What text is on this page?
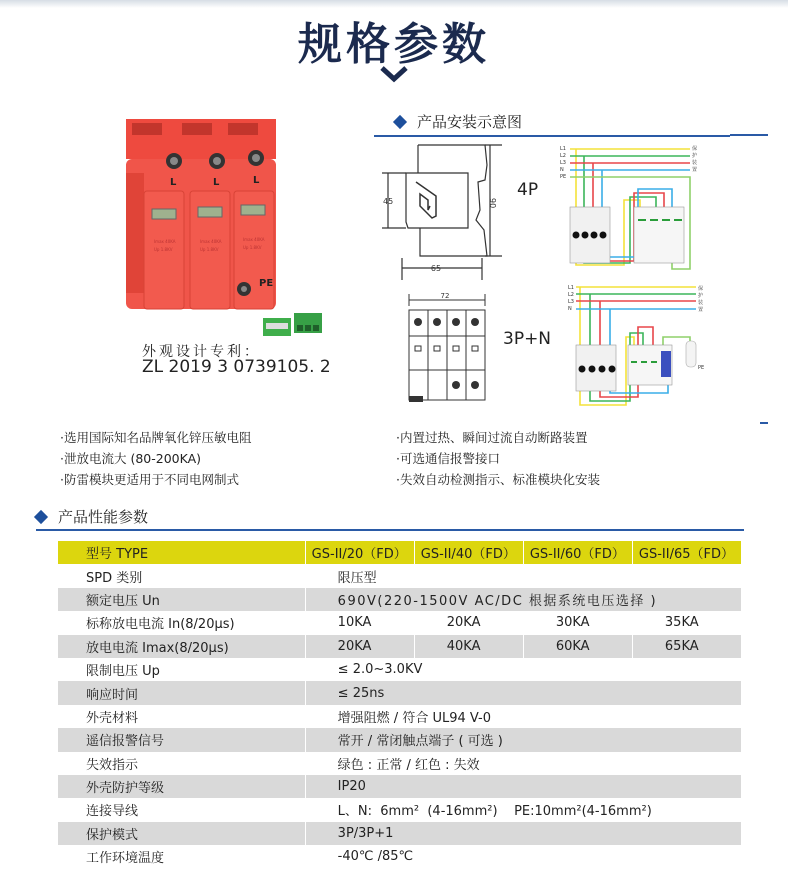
规格参数
产品安装示意图
L	L	L
Imax 40KA
Up 1.8KV
Imax 40KA
Up 1.8KV
Imax 40KA
Up 1.8KV
PE
外观设计专利：
ZL 2019 3 0739105. 2
45	90
65
4P
L1
L2
L3
N
PE
保
护
装
置
72
3P+N
L1
L2
L3
N
保
护
装
置
PE
·选用国际知名品牌氧化锌压敏电阻
·泄放电流大 (80-200KA)
·防雷模块更适用于不同电网制式
·内置过热、瞬间过流自动断路装置
·可选通信报警接口
·失效自动检测指示、标准模块化安装
产品性能参数
型号 TYPE	GS-II/20（FD）	GS-II/40（FD）	GS-II/60（FD）	GS-II/65（FD）
SPD 类别	限压型			
额定电压 Un	690V(220-1500V AC/DC 根据系统电压选择 )			
标称放电电流 In(8/20μs)	10KA	20KA	30KA	35KA
放电电流 Imax(8/20μs)	20KA	40KA	60KA	65KA
限制电压 Up	≤ 2.0~3.0KV			
响应时间	≤ 25ns			
外壳材料	增强阻燃 / 符合 UL94 V-0			
遥信报警信号	常开 / 常闭触点端子 ( 可选 )			
失效指示	绿色 : 正常 / 红色 : 失效			
外壳防护等级	IP20			
连接导线	L、N:  6mm²  (4-16mm²)    PE:10mm²(4-16mm²)			
保护模式	3P/3P+1			
工作环境温度	-40℃ /85℃			
